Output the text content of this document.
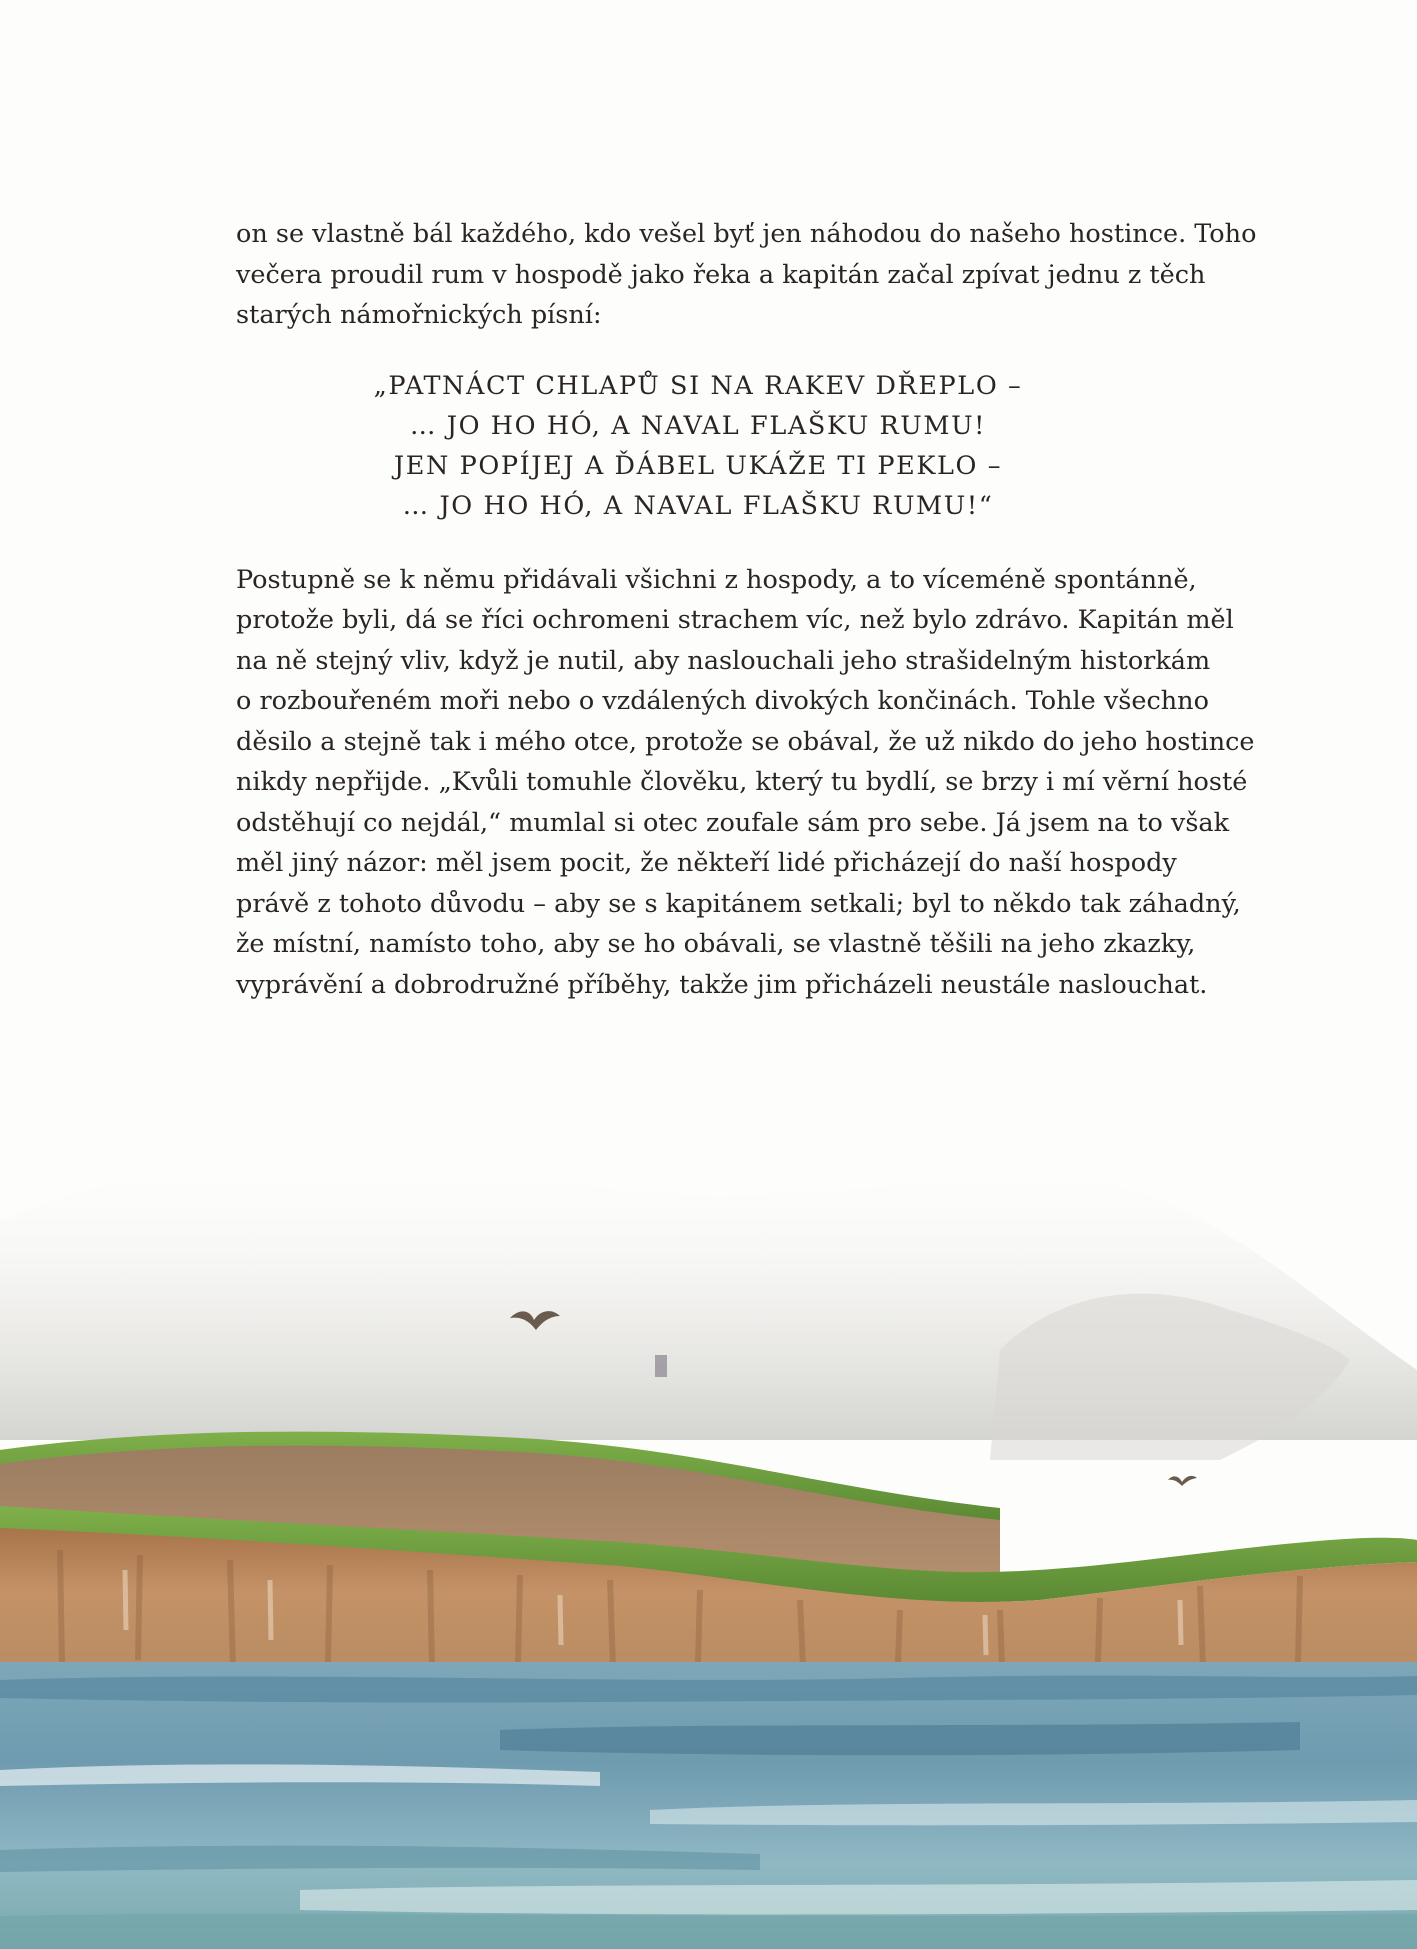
on se vlastně bál každého, kdo vešel byť jen náhodou do našeho hostince. Toho
večera proudil rum v hospodě jako řeka a kapitán začal zpívat jednu z těch
starých námořnických písní:

„PATNÁCT CHLAPŮ SI NA RAKEV DŘEPLO –
… JO HO HÓ, A NAVAL FLAŠKU RUMU!
JEN POPÍJEJ A ĎÁBEL UKÁŽE TI PEKLO –
… JO HO HÓ, A NAVAL FLAŠKU RUMU!“

Postupně se k němu přidávali všichni z hospody, a to víceméně spontánně,
protože byli, dá se říci ochromeni strachem víc, než bylo zdrávo. Kapitán měl
na ně stejný vliv, když je nutil, aby naslouchali jeho strašidelným historkám
o rozbouřeném moři nebo o vzdálených divokých končinách. Tohle všechno
děsilo a stejně tak i mého otce, protože se obával, že už nikdo do jeho hostince
nikdy nepřijde. „Kvůli tomuhle člověku, který tu bydlí, se brzy i mí věrní hosté
odstěhují co nejdál,“ mumlal si otec zoufale sám pro sebe. Já jsem na to však
měl jiný názor: měl jsem pocit, že někteří lidé přicházejí do naší hospody
právě z tohoto důvodu – aby se s kapitánem setkali; byl to někdo tak záhadný,
že místní, namísto toho, aby se ho obávali, se vlastně těšili na jeho zkazky,
vyprávění a dobrodružné příběhy, takže jim přicházeli neustále naslouchat.
